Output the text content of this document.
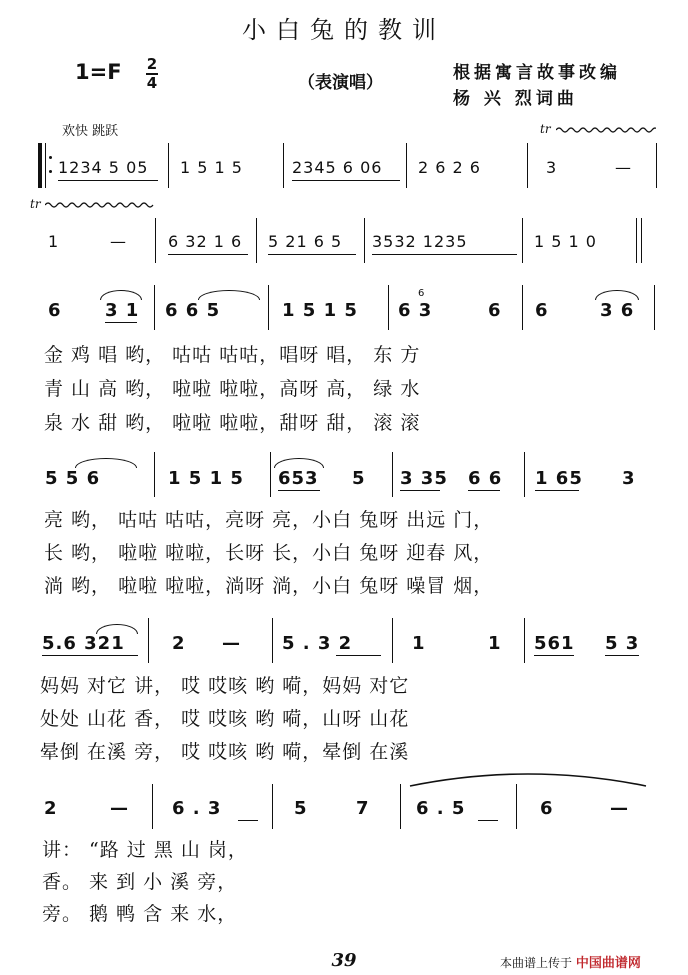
小白兔的教训
1=F 2
4	（表演唱）	根据寓言故事改编
杨 兴 烈词曲
欢快 跳跃	tr
1234 5 05 1 5 1 5	2345 6 06 2 6 2 6	3	—
tr
1	—	6 32 1 6 5 21 6 5 3532 1235	1 5 1 0
6 3 1 6 6 5	1 5 1 5
6
6 3	6 6	3 6
金 鸡 唱 哟， 咕咕 咕咕，唱呀 唱， 东 方
青 山 高 哟， 啦啦 啦啦，高呀 高， 绿 水
泉 水 甜 哟， 啦啦 啦啦，甜呀 甜， 滚 滚
5 5 6	1 5 1 5 653 5 3 35 6 6 1 65 3
亮 哟， 咕咕 咕咕，亮呀 亮，小白 兔呀 出远 门，
长 哟， 啦啦 啦啦，长呀 长，小白 兔呀 迎春 风，
淌 哟， 啦啦 啦啦，淌呀 淌，小白 兔呀 噪冒 烟，
5.6 321	2 — 5 . 3 2	1	1 561 5 3
妈妈 对它 讲， 哎 哎咳 哟 嗬，妈妈 对它
处处 山花 香， 哎 哎咳 哟 嗬，山呀 山花
晕倒 在溪 旁， 哎 哎咳 哟 嗬，晕倒 在溪
2	— 6 . 3	5	7	6 . 5	6	—
讲： “路 过 黑 山 岗，
香。 来 到 小 溪 旁，
旁。 鹅 鸭 含 来 水，
39	本曲谱上传于 中国曲谱网
